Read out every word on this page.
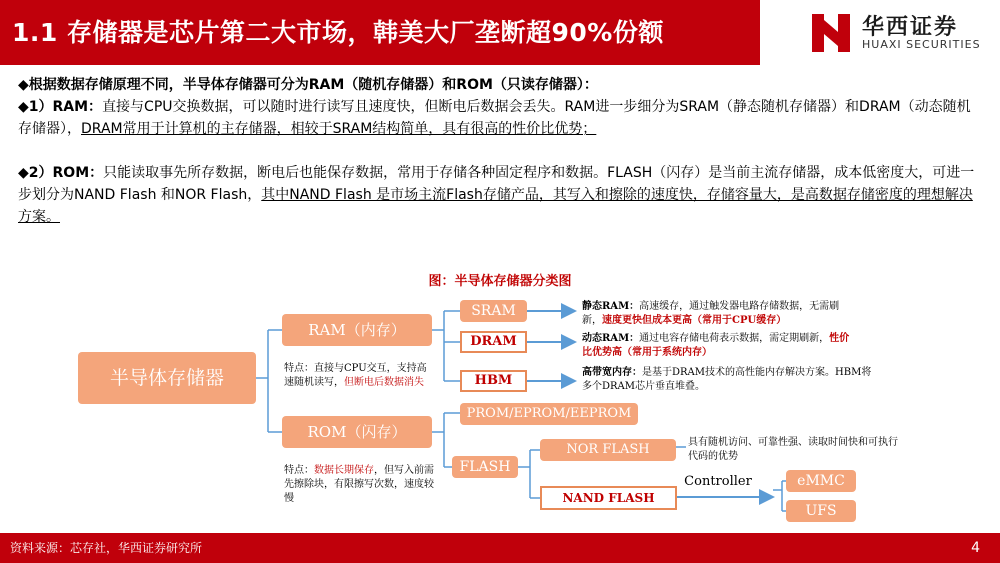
1.1 存储器是芯片第二大市场，韩美大厂垄断超90%份额	华西证券
HUAXI SECURITIES

◆根据数据存储原理不同，半导体存储器可分为RAM（随机存储器）和ROM（只读存储器）：

◆1）RAM：直接与CPU交换数据，可以随时进行读写且速度快，但断电后数据会丢失。RAM进一步细分为SRAM（静态随机存储器）和DRAM（动态随机存储器），DRAM常用于计算机的主存储器，相较于SRAM结构简单，具有很高的性价比优势；

◆2）ROM：只能读取事先所存数据，断电后也能保存数据，常用于存储各种固定程序和数据。FLASH（闪存）是当前主流存储器，成本低密度大，可进一步划分为NAND Flash 和NOR Flash，其中NAND Flash 是市场主流Flash存储产品，其写入和擦除的速度快，存储容量大，是高数据存储密度的理想解决方案。

图：半导体存储器分类图
半导体存储器
RAM（内存）
ROM（闪存）
SRAM
DRAM
HBM
PROM/EPROM/EEPROM
FLASH
NOR FLASH
NAND FLASH
Controller	eMMC
UFS
特点：直接与CPU交互，支持高速随机读写，但断电后数据消失
特点：数据长期保存，但写入前需先擦除块，有限擦写次数，速度较慢
静态RAM：高速缓存，通过触发器电路存储数据，无需刷新，速度更快但成本更高（常用于CPU缓存）
动态RAM：通过电容存储电荷表示数据，需定期刷新，性价比优势高（常用于系统内存）
高带宽内存：是基于DRAM技术的高性能内存解决方案。HBM将多个DRAM芯片垂直堆叠。
具有随机访问、可靠性强、读取时间快和可执行代码的优势
资料来源：芯存社，华西证券研究所	4
